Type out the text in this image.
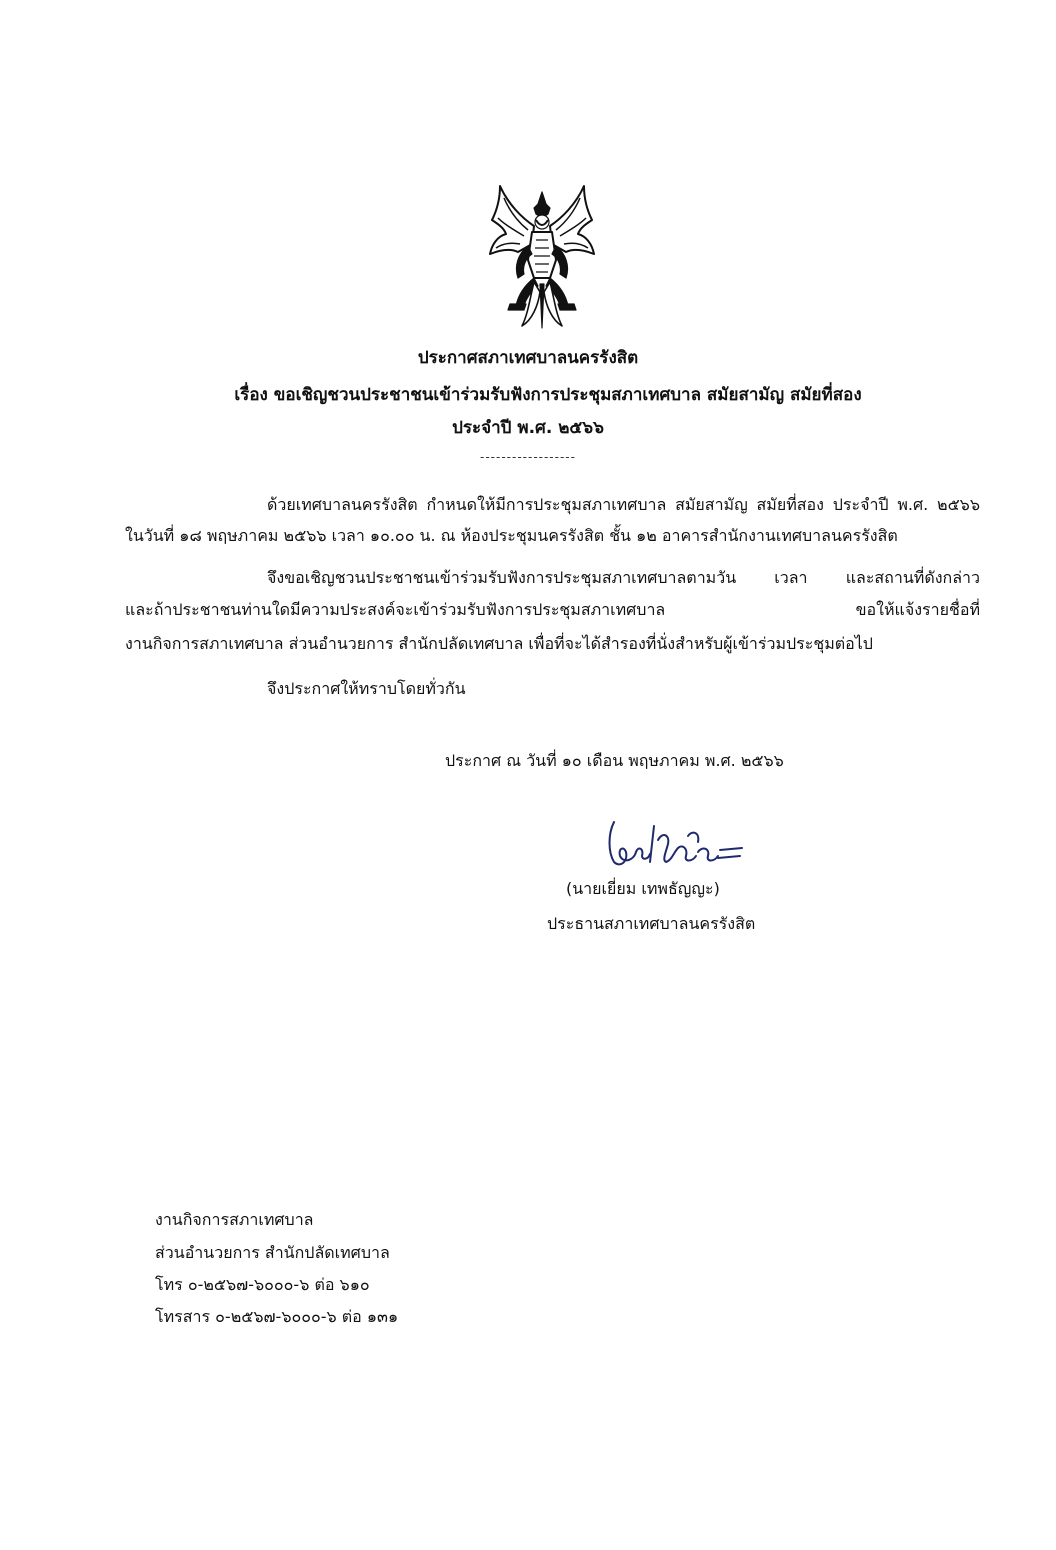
ประกาศสภาเทศบาลนครรังสิต
เรื่อง ขอเชิญชวนประชาชนเข้าร่วมรับฟังการประชุมสภาเทศบาล สมัยสามัญ สมัยที่สอง
ประจำปี พ.ศ. ๒๕๖๖
------------------
ด้วยเทศบาลนครรังสิต กำหนดให้มีการประชุมสภาเทศบาล สมัยสามัญ สมัยที่สอง ประจำปี พ.ศ. ๒๕๖๖
ในวันที่ ๑๘ พฤษภาคม ๒๕๖๖ เวลา ๑๐.๐๐ น. ณ ห้องประชุมนครรังสิต ชั้น ๑๒ อาคารสำนักงานเทศบาลนครรังสิต
จึงขอเชิญชวนประชาชนเข้าร่วมรับฟังการประชุมสภาเทศบาลตามวัน เวลา และสถานที่ดังกล่าว
และถ้าประชาชนท่านใดมีความประสงค์จะเข้าร่วมรับฟังการประชุมสภาเทศบาล ขอให้แจ้งรายชื่อที่
งานกิจการสภาเทศบาล ส่วนอำนวยการ สำนักปลัดเทศบาล เพื่อที่จะได้สำรองที่นั่งสำหรับผู้เข้าร่วมประชุมต่อไป
จึงประกาศให้ทราบโดยทั่วกัน
ประกาศ ณ วันที่ ๑๐ เดือน พฤษภาคม พ.ศ. ๒๕๖๖
(นายเยี่ยม เทพธัญญะ)
ประธานสภาเทศบาลนครรังสิต
งานกิจการสภาเทศบาล
ส่วนอำนวยการ สำนักปลัดเทศบาล
โทร ๐-๒๕๖๗-๖๐๐๐-๖ ต่อ ๖๑๐
โทรสาร ๐-๒๕๖๗-๖๐๐๐-๖ ต่อ ๑๓๑
